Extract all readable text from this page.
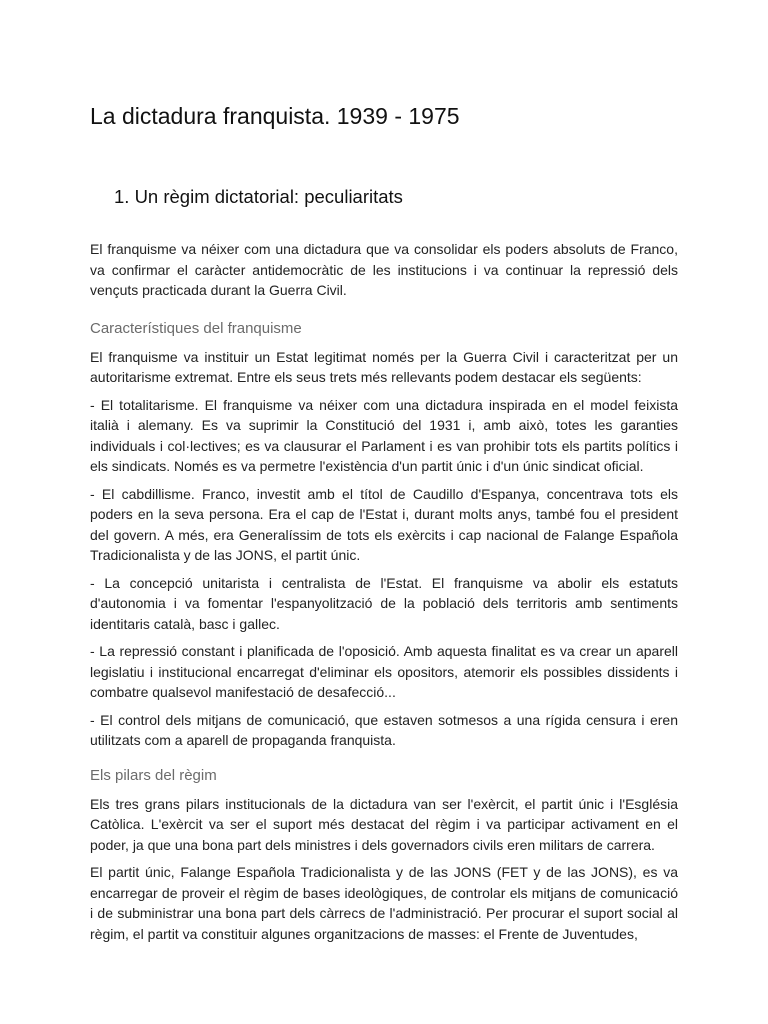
La dictadura franquista. 1939 - 1975
1. Un règim dictatorial: peculiaritats

El franquisme va néixer com una dictadura que va consolidar els poders absoluts de Franco, va confirmar el caràcter antidemocràtic de les institucions i va continuar la repressió dels vençuts practicada durant la Guerra Civil.

Característiques del franquisme

El franquisme va instituir un Estat legitimat només per la Guerra Civil i caracteritzat per un autoritarisme extremat. Entre els seus trets més rellevants podem destacar els següents:

- El totalitarisme. El franquisme va néixer com una dictadura inspirada en el model feixista italià i alemany. Es va suprimir la Constitució del 1931 i, amb això, totes les garanties individuals i col·lectives; es va clausurar el Parlament i es van prohibir tots els partits polítics i els sindicats. Només es va permetre l'existència d'un partit únic i d'un únic sindicat oficial.

- El cabdillisme. Franco, investit amb el títol de Caudillo d'Espanya, concentrava tots els poders en la seva persona. Era el cap de l'Estat i, durant molts anys, també fou el president del govern. A més, era Generalíssim de tots els exèrcits i cap nacional de Falange Española Tradicionalista y de las JONS, el partit únic.

- La concepció unitarista i centralista de l'Estat. El franquisme va abolir els estatuts d'autonomia i va fomentar l'espanyolització de la població dels territoris amb sentiments identitaris català, basc i gallec.

- La repressió constant i planificada de l'oposició. Amb aquesta finalitat es va crear un aparell legislatiu i institucional encarregat d'eliminar els opositors, atemorir els possibles dissidents i combatre qualsevol manifestació de desafecció...

- El control dels mitjans de comunicació, que estaven sotmesos a una rígida censura i eren utilitzats com a aparell de propaganda franquista.

Els pilars del règim

Els tres grans pilars institucionals de la dictadura van ser l'exèrcit, el partit únic i l'Església Catòlica. L'exèrcit va ser el suport més destacat del règim i va participar activament en el poder, ja que una bona part dels ministres i dels governadors civils eren militars de carrera.

El partit únic, Falange Española Tradicionalista y de las JONS (FET y de las JONS), es va encarregar de proveir el règim de bases ideològiques, de controlar els mitjans de comunicació i de subministrar una bona part dels càrrecs de l'administració. Per procurar el suport social al règim, el partit va constituir algunes organitzacions de masses: el Frente de Juventudes,
